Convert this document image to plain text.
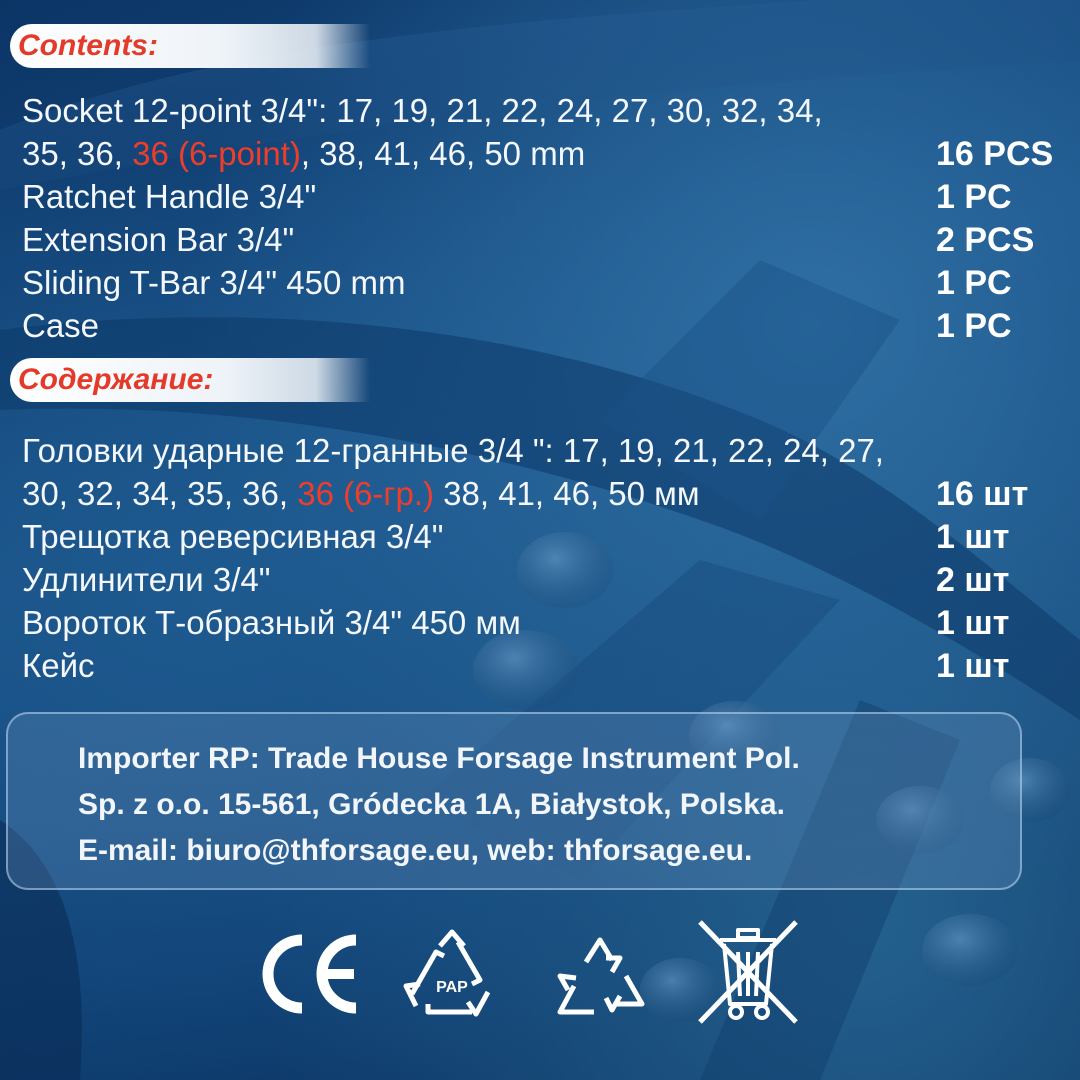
Contents:
Socket 12-point 3/4": 17, 19, 21, 22, 24, 27, 30, 32, 34,
35, 36, 36 (6-point), 38, 41, 46, 50 mm	16 PCS
Ratchet Handle 3/4"	1 PC
Extension Bar 3/4"	2 PCS
Sliding T-Bar 3/4" 450 mm	1 PC
Case	1 PC
Содержание:
Головки ударные 12-гранные 3/4 ": 17, 19, 21, 22, 24, 27,
30, 32, 34, 35, 36, 36 (6-гр.) 38, 41, 46, 50 мм	16 шт
Трещотка реверсивная 3/4"	1 шт
Удлинители 3/4"	2 шт
Вороток Т-образный 3/4" 450 мм	1 шт
Кейс	1 шт
Importer RP: Trade House Forsage Instrument Pol.
Sp. z o.o. 15-561, Gródecka 1A, Białystok, Polska.
E-mail: biuro@thforsage.eu, web: thforsage.eu.
PAP
